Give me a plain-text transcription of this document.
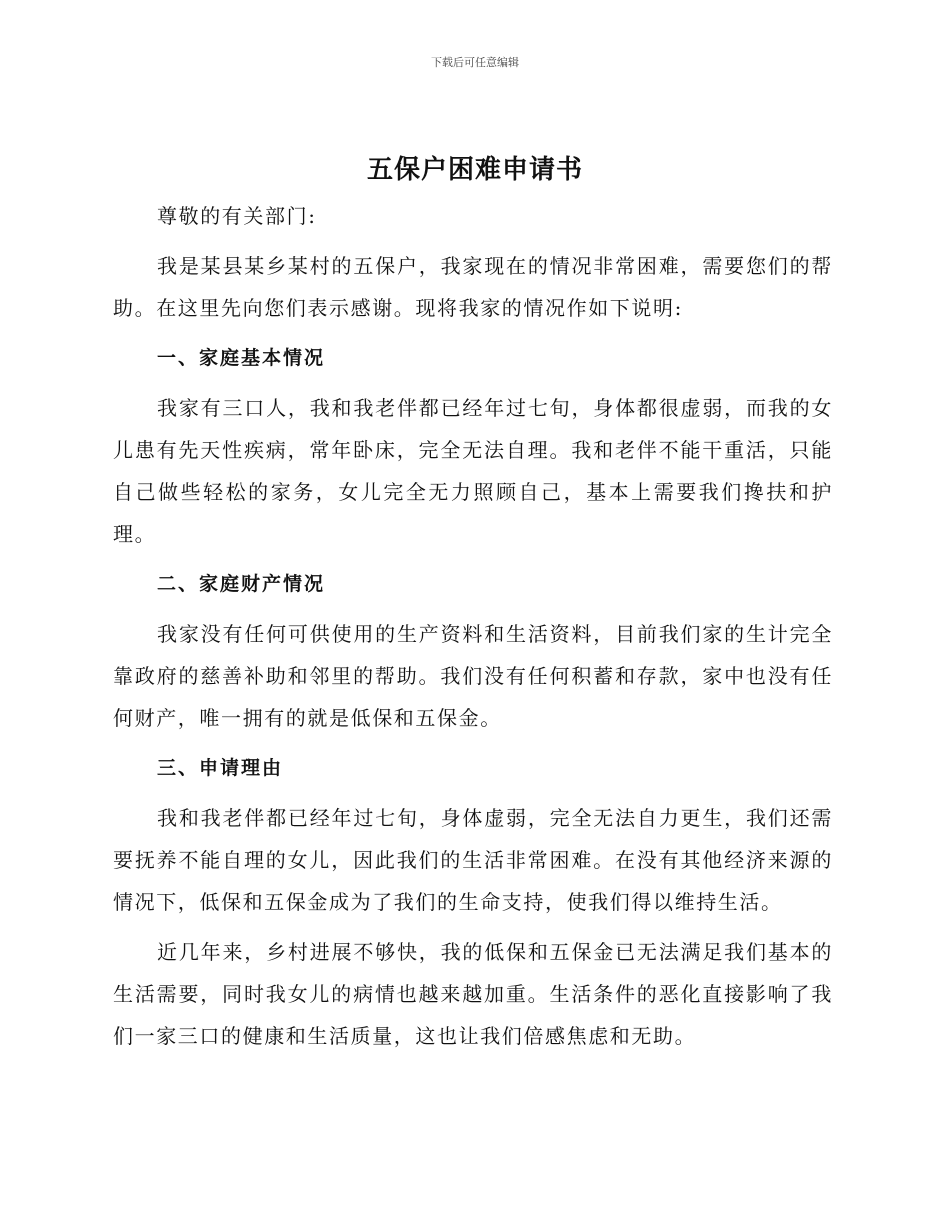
下载后可任意编辑
五保户困难申请书

尊敬的有关部门:

我是某县某乡某村的五保户，我家现在的情况非常困难，需要您们的帮助。在这里先向您们表示感谢。现将我家的情况作如下说明:

一、家庭基本情况

我家有三口人，我和我老伴都已经年过七旬，身体都很虚弱，而我的女儿患有先天性疾病，常年卧床，完全无法自理。我和老伴不能干重活，只能自己做些轻松的家务，女儿完全无力照顾自己，基本上需要我们搀扶和护理。

二、家庭财产情况

我家没有任何可供使用的生产资料和生活资料，目前我们家的生计完全靠政府的慈善补助和邻里的帮助。我们没有任何积蓄和存款，家中也没有任何财产，唯一拥有的就是低保和五保金。

三、申请理由

我和我老伴都已经年过七旬，身体虚弱，完全无法自力更生，我们还需要抚养不能自理的女儿，因此我们的生活非常困难。在没有其他经济来源的情况下，低保和五保金成为了我们的生命支持，使我们得以维持生活。

近几年来，乡村进展不够快，我的低保和五保金已无法满足我们基本的生活需要，同时我女儿的病情也越来越加重。生活条件的恶化直接影响了我们一家三口的健康和生活质量，这也让我们倍感焦虑和无助。
